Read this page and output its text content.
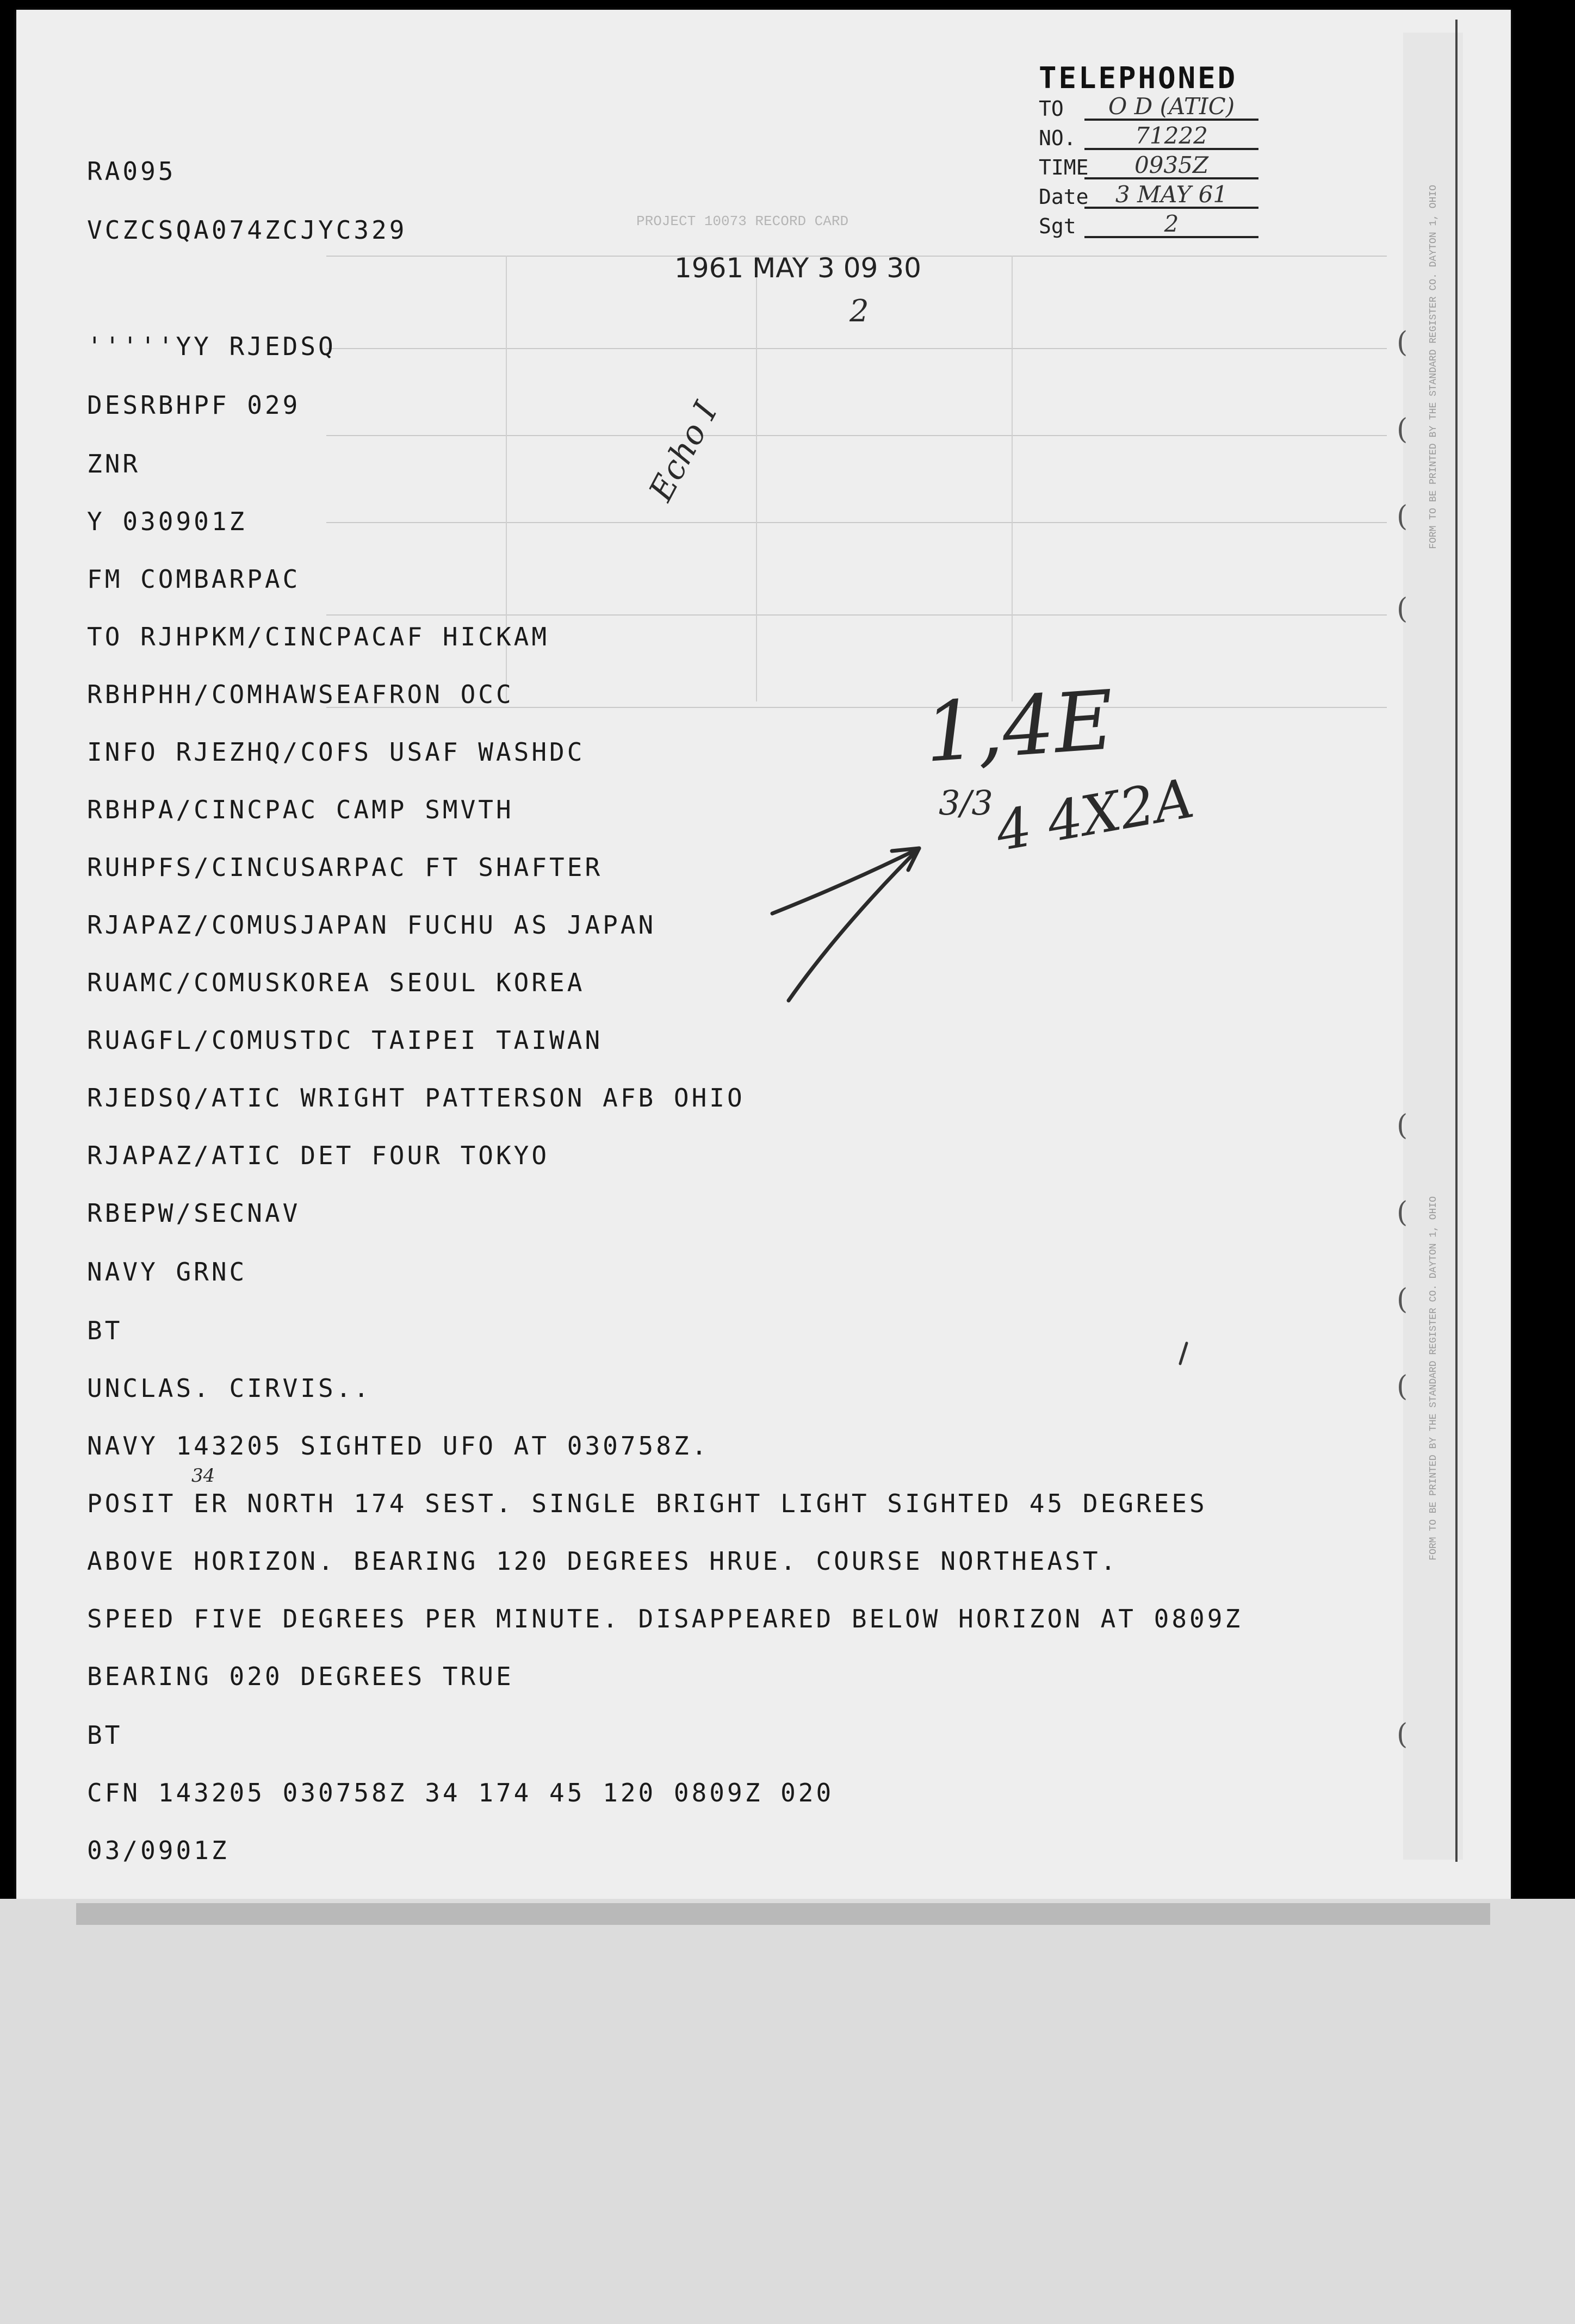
PROJECT 10073 RECORD CARD	FORM TO BE PRINTED BY THE STANDARD REGISTER CO. DAYTON 1, OHIO
FORM TO BE PRINTED BY THE STANDARD REGISTER CO. DAYTON 1, OHIO
(
(
(
(
(
(
(
(
(
TELEPHONED
TO	O D (ATIC)
NO.	71222
TIME	0935Z
Date	3 MAY 61
Sgt	2
1961 MAY 3 09 30
2
RA095
VCZCSQA074ZCJYC329
'''''YY RJEDSQ
DESRBHPF 029
ZNR
Y 030901Z
FM COMBARPAC
TO RJHPKM/CINCPACAF HICKAM
RBHPHH/COMHAWSEAFRON OCC
INFO RJEZHQ/COFS USAF WASHDC
RBHPA/CINCPAC CAMP SMVTH
RUHPFS/CINCUSARPAC FT SHAFTER
RJAPAZ/COMUSJAPAN FUCHU AS JAPAN
RUAMC/COMUSKOREA SEOUL KOREA
RUAGFL/COMUSTDC TAIPEI TAIWAN
RJEDSQ/ATIC WRIGHT PATTERSON AFB OHIO
RJAPAZ/ATIC DET FOUR TOKYO
RBEPW/SECNAV
NAVY GRNC
BT
UNCLAS. CIRVIS..
NAVY 143205 SIGHTED UFO AT 030758Z.
POSIT ER NORTH 174 SEST. SINGLE BRIGHT LIGHT SIGHTED 45 DEGREES
ABOVE HORIZON. BEARING 120 DEGREES HRUE. COURSE NORTHEAST.
SPEED FIVE DEGREES PER MINUTE. DISAPPEARED BELOW HORIZON AT 0809Z
BEARING 020 DEGREES TRUE
BT
CFN 143205 030758Z 34 174 45 120 0809Z 020
03/0901Z
Echo I
1,4E
3/3
4 4X2A
34
